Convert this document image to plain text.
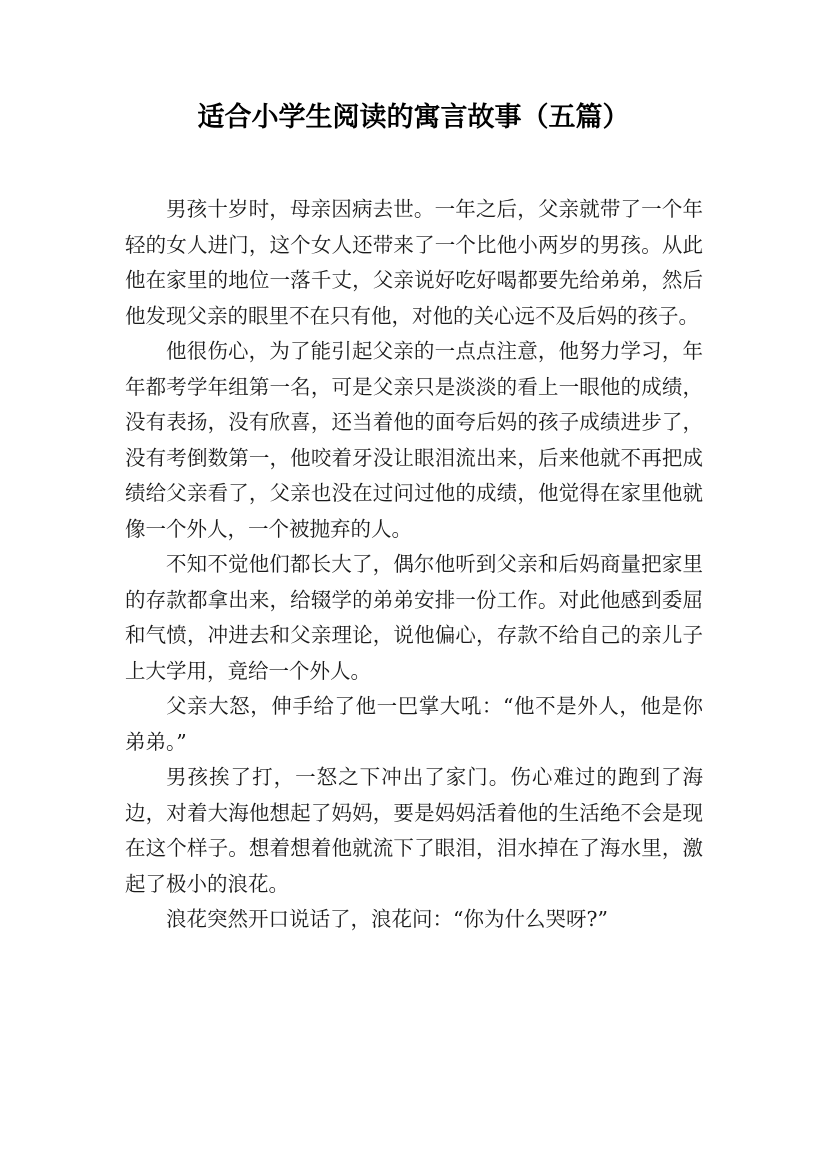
适合小学生阅读的寓言故事（五篇）

男孩十岁时，母亲因病去世。一年之后，父亲就带了一个年轻的女人进门，这个女人还带来了一个比他小两岁的男孩。从此他在家里的地位一落千丈，父亲说好吃好喝都要先给弟弟，然后他发现父亲的眼里不在只有他，对他的关心远不及后妈的孩子。

他很伤心，为了能引起父亲的一点点注意，他努力学习，年年都考学年组第一名，可是父亲只是淡淡的看上一眼他的成绩，没有表扬，没有欣喜，还当着他的面夸后妈的孩子成绩进步了，没有考倒数第一，他咬着牙没让眼泪流出来，后来他就不再把成绩给父亲看了，父亲也没在过问过他的成绩，他觉得在家里他就像一个外人，一个被抛弃的人。

不知不觉他们都长大了，偶尔他听到父亲和后妈商量把家里的存款都拿出来，给辍学的弟弟安排一份工作。对此他感到委屈和气愤，冲进去和父亲理论，说他偏心，存款不给自己的亲儿子上大学用，竟给一个外人。

父亲大怒，伸手给了他一巴掌大吼：“他不是外人，他是你弟弟。”

男孩挨了打，一怒之下冲出了家门。伤心难过的跑到了海边，对着大海他想起了妈妈，要是妈妈活着他的生活绝不会是现在这个样子。想着想着他就流下了眼泪，泪水掉在了海水里，激起了极小的浪花。

浪花突然开口说话了，浪花问：“你为什么哭呀?”
